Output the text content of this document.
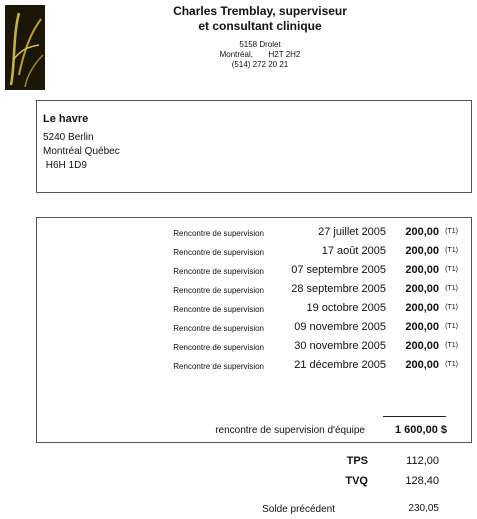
Charles Tremblay, superviseur
et consultant clinique
5158 Drolet
Montréal,       H2T 2H2
(514) 272 20 21
Le havre
5240 Berlin
Montréal Québec
H6H 1D9
Rencontre de supervision	27 juillet 2005 200,00 (T1)
Rencontre de supervision	17 août 2005 200,00 (T1)
Rencontre de supervision 07 septembre 2005 200,00 (T1)
Rencontre de supervision 28 septembre 2005 200,00 (T1)
Rencontre de supervision	19 octobre 2005 200,00 (T1)
Rencontre de supervision	09 novembre 2005 200,00 (T1)
Rencontre de supervision	30 novembre 2005 200,00 (T1)
Rencontre de supervision	21 décembre 2005 200,00 (T1)
rencontre de supervision d'équipe	1 600,00 $
TPS	112,00
TVQ	128,40
Solde précédent	230,05
